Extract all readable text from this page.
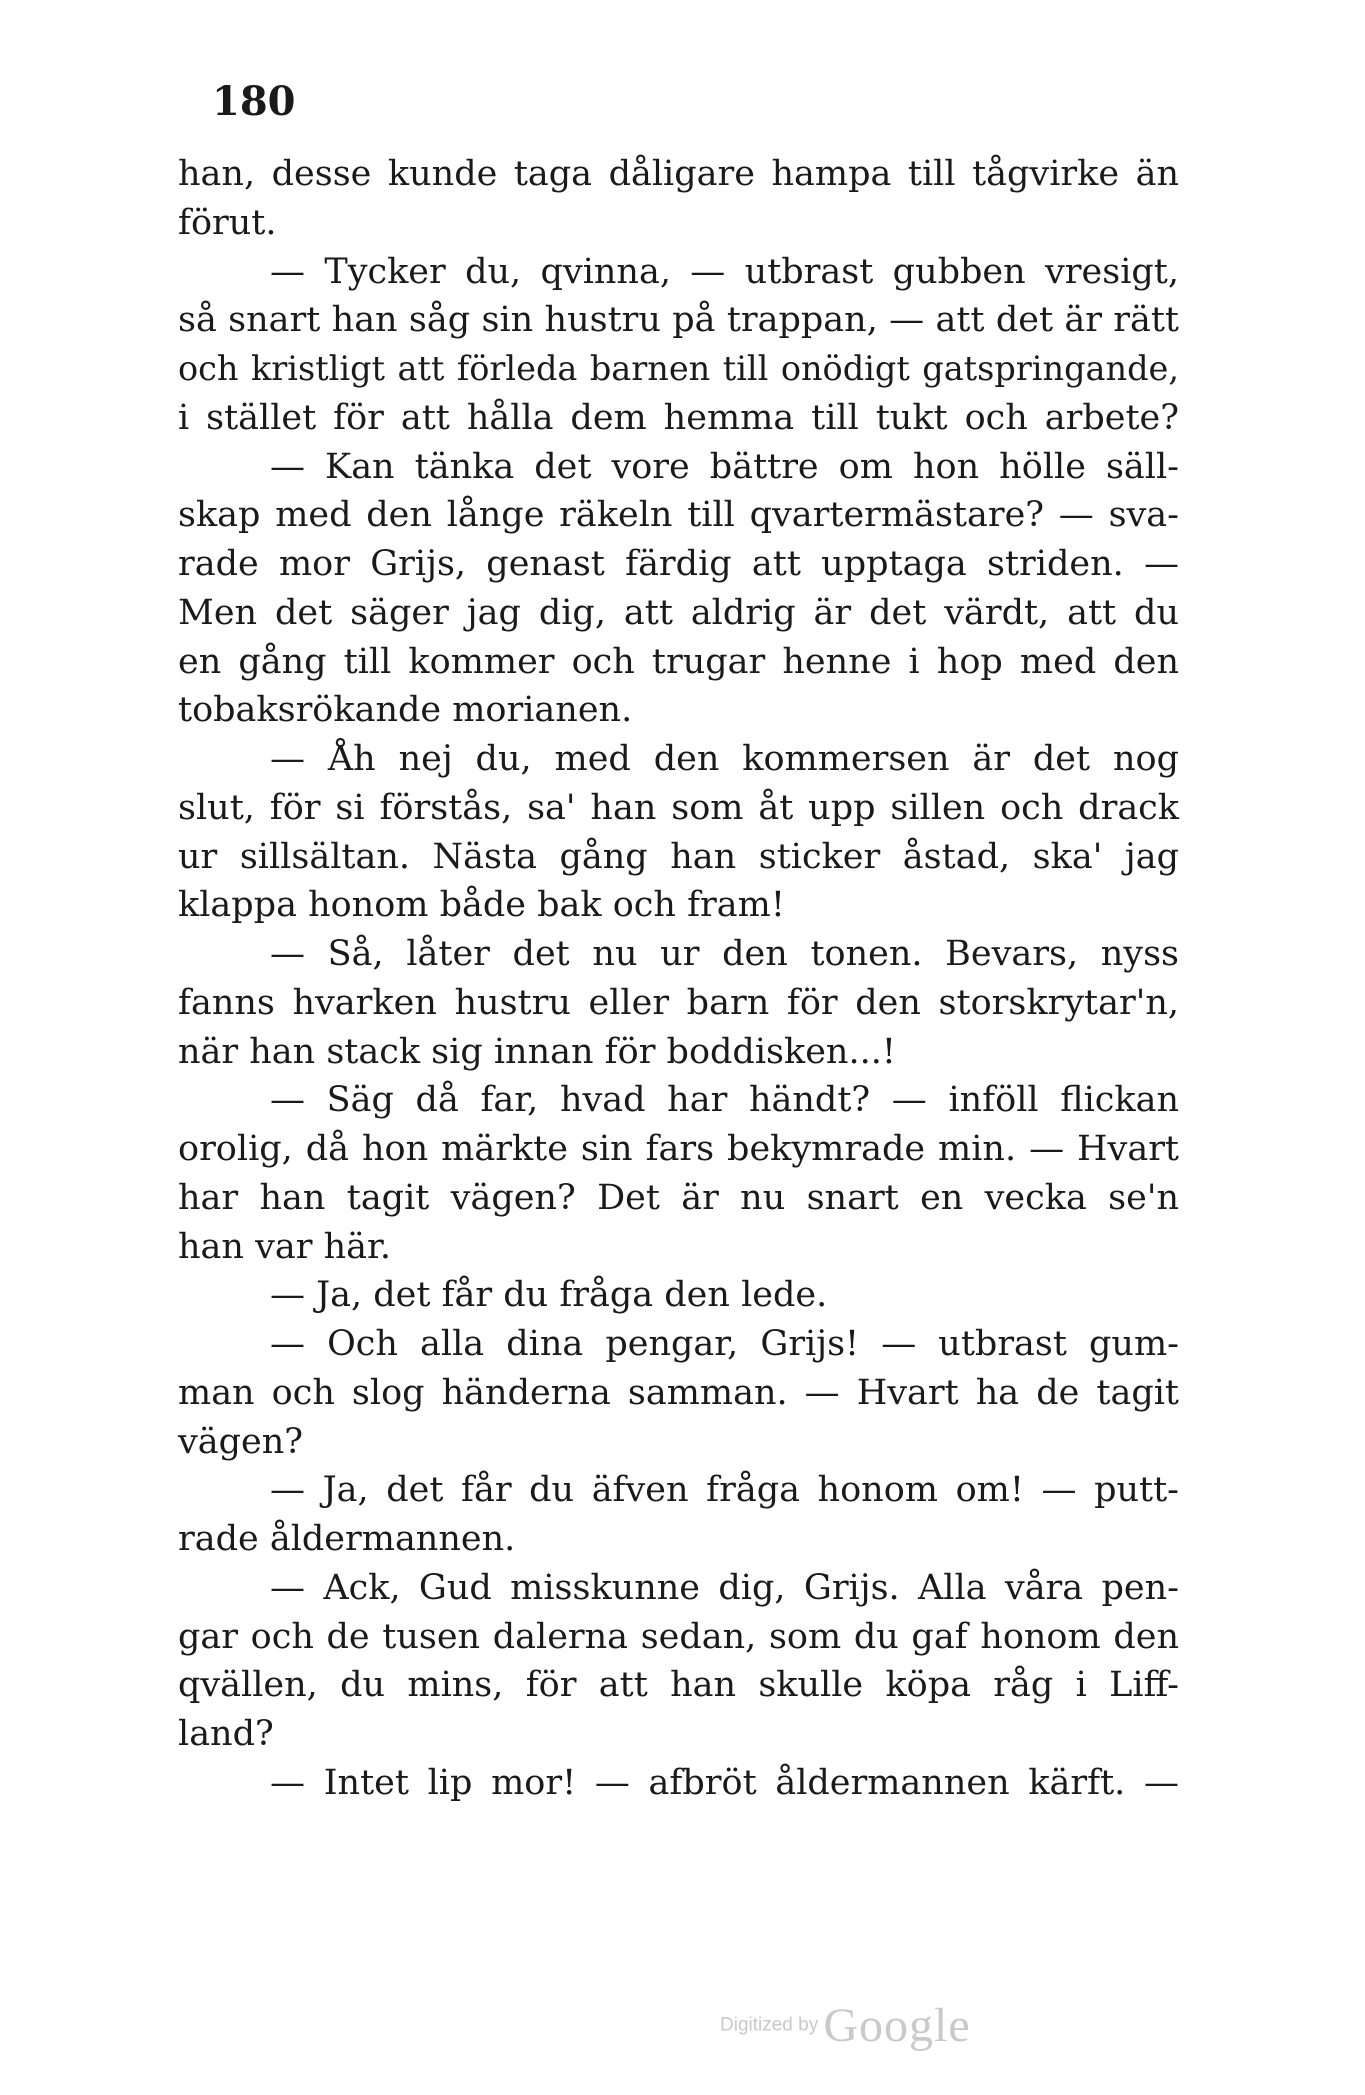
180
han, desse kunde taga dåligare hampa till tågvirke än
förut.
— Tycker du, qvinna, — utbrast gubben vresigt,
så snart han såg sin hustru på trappan, — att det är rätt
och kristligt att förleda barnen till onödigt gatspringande,
i stället för att hålla dem hemma till tukt och arbete?
— Kan tänka det vore bättre om hon hölle säll-
skap med den långe räkeln till qvartermästare? — sva-
rade mor Grijs, genast färdig att upptaga striden. —
Men det säger jag dig, att aldrig är det värdt, att du
en gång till kommer och trugar henne i hop med den
tobaksrökande morianen.
— Åh nej du, med den kommersen är det nog
slut, för si förstås, sa' han som åt upp sillen och drack
ur sillsältan. Nästa gång han sticker åstad, ska' jag
klappa honom både bak och fram!
— Så, låter det nu ur den tonen. Bevars, nyss
fanns hvarken hustru eller barn för den storskrytar'n,
när han stack sig innan för boddisken...!
— Säg då far, hvad har händt? — inföll flickan
orolig, då hon märkte sin fars bekymrade min. — Hvart
har han tagit vägen? Det är nu snart en vecka se'n
han var här.
— Ja, det får du fråga den lede.
— Och alla dina pengar, Grijs! — utbrast gum-
man och slog händerna samman. — Hvart ha de tagit
vägen?
— Ja, det får du äfven fråga honom om! — putt-
rade åldermannen.
— Ack, Gud misskunne dig, Grijs. Alla våra pen-
gar och de tusen dalerna sedan, som du gaf honom den
qvällen, du mins, för att han skulle köpa råg i Liff-
land?
— Intet lip mor! — afbröt åldermannen kärft. —
Digitized by Google
